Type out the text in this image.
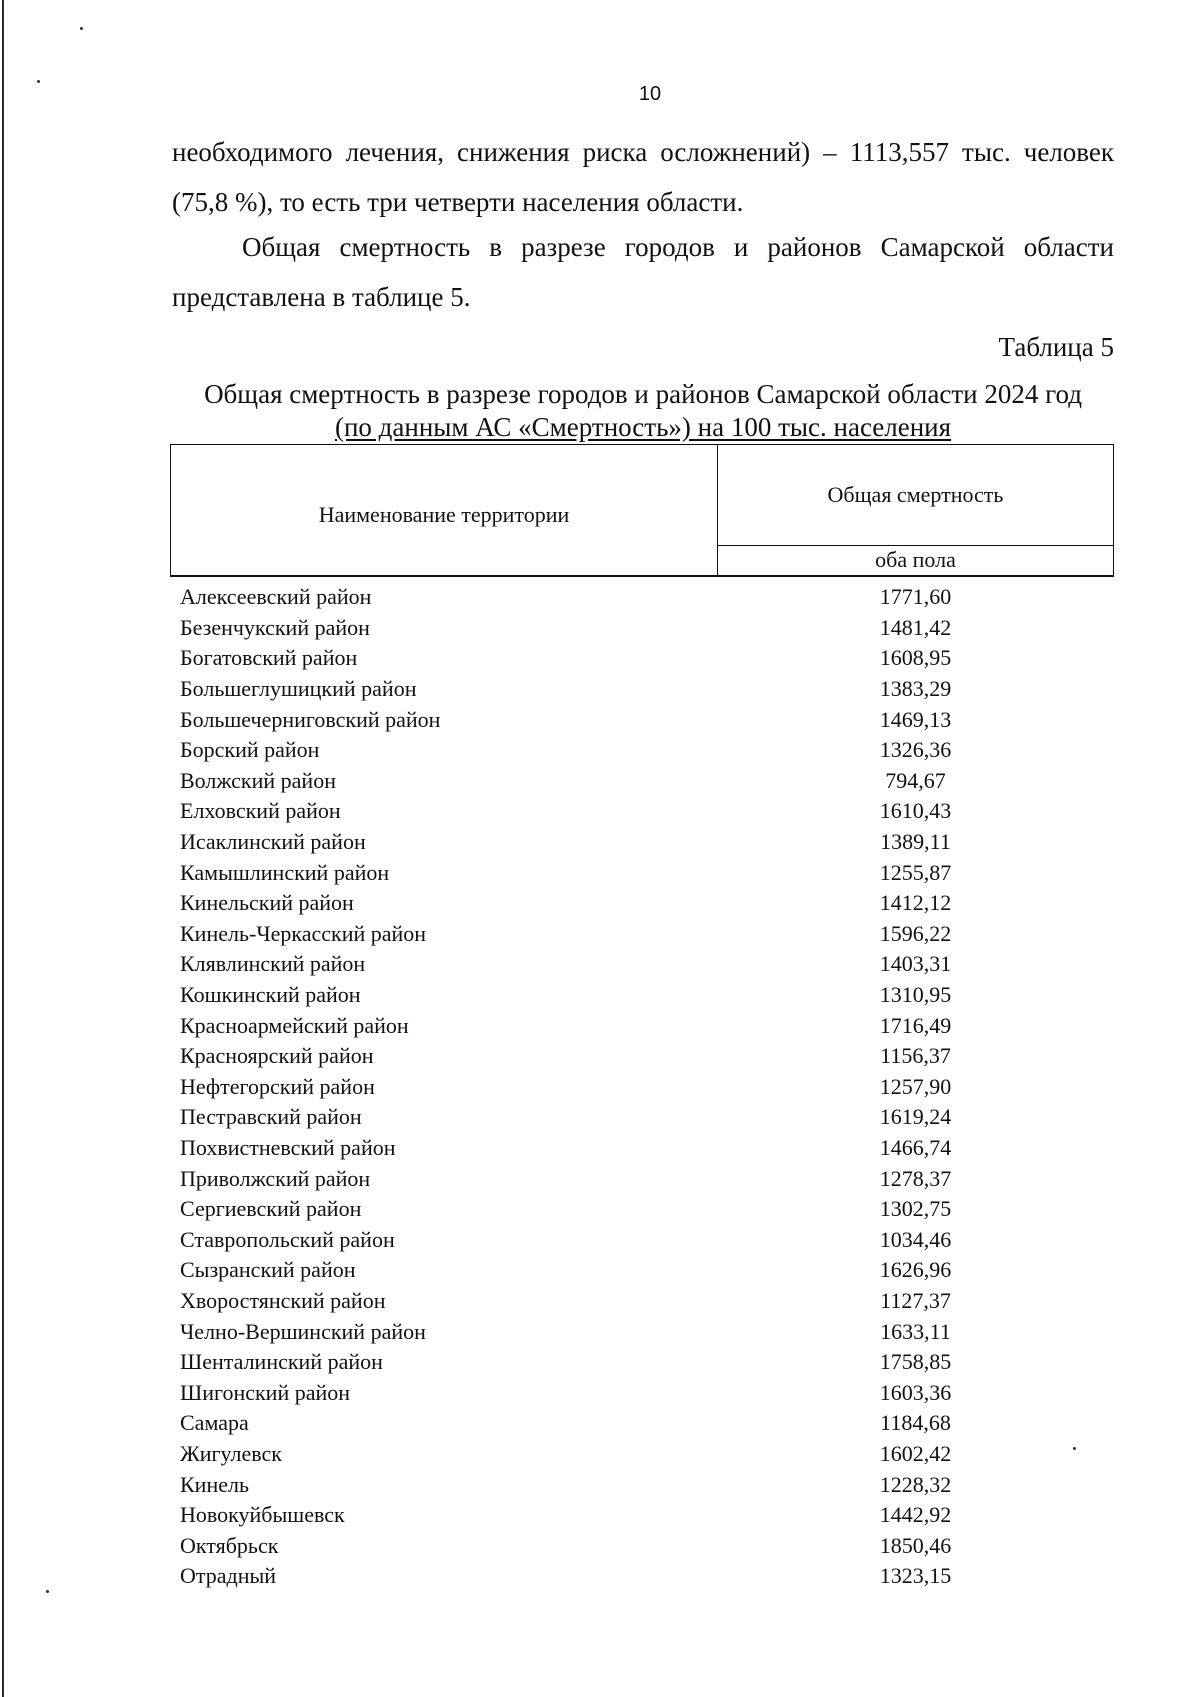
10

необходимого лечения, снижения риска осложнений) – 1113,557 тыс. человек (75,8 %), то есть три четверти населения области.

Общая смертность в разрезе городов и районов Самарской области представлена в таблице 5.

Таблица 5
Общая смертность в разрезе городов и районов Самарской области 2024 год
(по данным АС «Смертность») на 100 тыс. населения
Наименование территории
Общая смертность
оба пола
Алексеевский район	1771,60
Безенчукский район	1481,42
Богатовский район	1608,95
Большеглушицкий район	1383,29
Большечерниговский район	1469,13
Борский район	1326,36
Волжский район	794,67
Елховский район	1610,43
Исаклинский район	1389,11
Камышлинский район	1255,87
Кинельский район	1412,12
Кинель-Черкасский район	1596,22
Клявлинский район	1403,31
Кошкинский район	1310,95
Красноармейский район	1716,49
Красноярский район	1156,37
Нефтегорский район	1257,90
Пестравский район	1619,24
Похвистневский район	1466,74
Приволжский район	1278,37
Сергиевский район	1302,75
Ставропольский район	1034,46
Сызранский район	1626,96
Хворостянский район	1127,37
Челно-Вершинский район	1633,11
Шенталинский район	1758,85
Шигонский район	1603,36
Самара	1184,68
Жигулевск	1602,42
Кинель	1228,32
Новокуйбышевск	1442,92
Октябрьск	1850,46
Отрадный	1323,15
